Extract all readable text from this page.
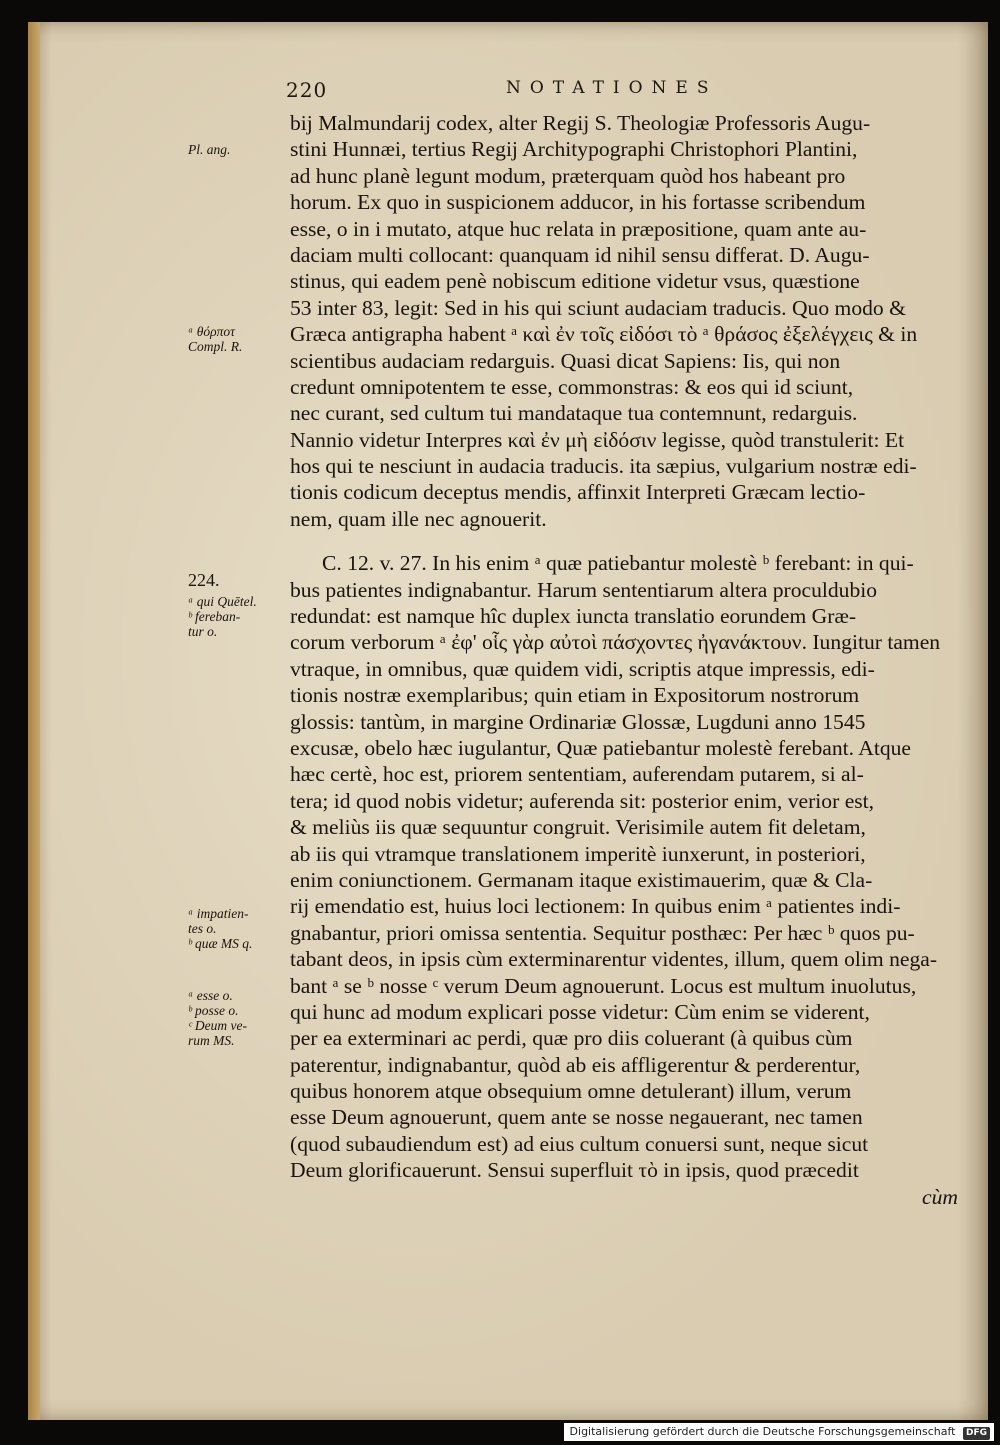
220	NOTATIONES
Pl. ang.
ᵃ θόρποτ
Compl. R.
224.
ᵃ qui Quētel.
ᵇ fereban-
tur o.
ᵃ impatien-
tes o.
ᵇ quæ MS q.
ᵃ esse o.
ᵇ posse o.
ᶜ Deum ve-
rum MS.
bij Malmundarij codex, alter Regij S. Theologiæ Professoris Augu-
stini Hunnæi, tertius Regij Architypographi Christophori Plantini,
ad hunc planè legunt modum, præterquam quòd hos habeant pro
horum. Ex quo in suspicionem adducor, in his fortasse scribendum
esse, o in i mutato, atque huc relata in præpositione, quam ante au-
daciam multi collocant: quanquam id nihil sensu differat. D. Augu-
stinus, qui eadem penè nobiscum editione videtur vsus, quæstione
53 inter 83, legit: Sed in his qui sciunt audaciam traducis. Quo modo &
Græca antigrapha habent ᵃ καὶ ἐν τοῖς εἰδόσι τὸ ᵃ θράσος ἐξελέγχεις & in
scientibus audaciam redarguis. Quasi dicat Sapiens: Iis, qui non
credunt omnipotentem te esse, commonstras: & eos qui id sciunt,
nec curant, sed cultum tui mandataque tua contemnunt, redarguis.
Nannio videtur Interpres καὶ ἐν μὴ εἰδόσιν legisse, quòd transtulerit: Et
hos qui te nesciunt in audacia traducis. ita sæpius, vulgarium nostræ edi-
tionis codicum deceptus mendis, affinxit Interpreti Græcam lectio-
nem, quam ille nec agnouerit.
C. 12. v. 27. In his enim ᵃ quæ patiebantur molestè ᵇ ferebant: in qui-
bus patientes indignabantur. Harum sententiarum altera proculdubio
redundat: est namque hîc duplex iuncta translatio eorundem Græ-
corum verborum ᵃ ἐφ' οἷς γὰρ αὐτοὶ πάσχοντες ἠγανάκτουν. Iungitur tamen
vtraque, in omnibus, quæ quidem vidi, scriptis atque impressis, edi-
tionis nostræ exemplaribus; quin etiam in Expositorum nostrorum
glossis: tantùm, in margine Ordinariæ Glossæ, Lugduni anno 1545
excusæ, obelo hæc iugulantur, Quæ patiebantur molestè ferebant. Atque
hæc certè, hoc est, priorem sententiam, auferendam putarem, si al-
tera; id quod nobis videtur; auferenda sit: posterior enim, verior est,
& meliùs iis quæ sequuntur congruit. Verisimile autem fit deletam,
ab iis qui vtramque translationem imperitè iunxerunt, in posteriori,
enim coniunctionem. Germanam itaque existimauerim, quæ & Cla-
rij emendatio est, huius loci lectionem: In quibus enim ᵃ patientes indi-
gnabantur, priori omissa sententia. Sequitur posthæc: Per hæc ᵇ quos pu-
tabant deos, in ipsis cùm exterminarentur videntes, illum, quem olim nega-
bant ᵃ se ᵇ nosse ᶜ verum Deum agnouerunt. Locus est multum inuolutus,
qui hunc ad modum explicari posse videtur: Cùm enim se viderent,
per ea exterminari ac perdi, quæ pro diis coluerant (à quibus cùm
paterentur, indignabantur, quòd ab eis affligerentur & perderentur,
quibus honorem atque obsequium omne detulerant) illum, verum
esse Deum agnouerunt, quem ante se nosse negauerant, nec tamen
(quod subaudiendum est) ad eius cultum conuersi sunt, neque sicut
Deum glorificauerunt. Sensui superfluit τὸ in ipsis, quod præcedit
cùm
Digitalisierung gefördert durch die Deutsche Forschungsgemeinschaft DFG
